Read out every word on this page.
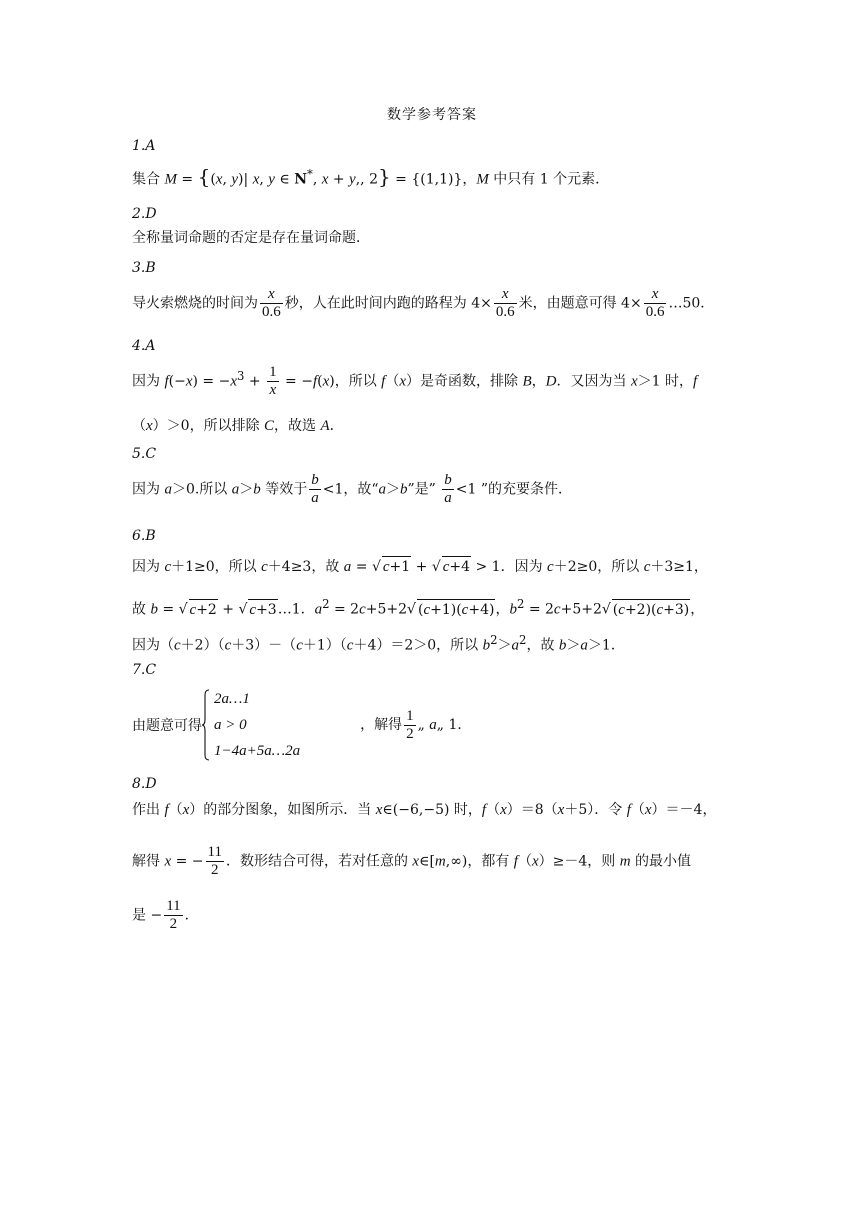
数学参考答案
1.A
集合 M = {(x, y)| x, y ∈ N*, x + y,, 2} = {(1,1)}，M 中只有 1 个元素．
2.D
全称量词命题的否定是存在量词命题．
3.B
导火索燃烧的时间为 $\frac{x}{0.6}$ 秒，人在此时间内跑的路程为 $4\times \frac{x}{0.6}$ 米，由题意可得 $4\times \frac{x}{0.6}$ …50．
4.A
因为 $f(-x) = -x^3 + \frac{1}{x} = -f(x)$，所以 f（x）是奇函数，排除 B，D．又因为当 x＞1 时，f
（x）＞0，所以排除 C，故选 A．
5.C
因为 a＞0.所以 a＞b 等效于 $\frac{b}{a} <1$，故“a＞b”是” $\frac{b}{a} <1$ ”的充要条件．
6.B
因为 c＋1≥0，所以 c＋4≥3，故 a = √ c+1 + √ c+4 > 1．因为 c＋2≥0，所以 c＋3≥1，
故 b = √ c+2 + √ c+3…1．$a^2 = 2c+5+2√$ (c+1)(c+4)，$b^2 = 2c+5+2√$ (c+2)(c+3)，
因为（c＋2）（c＋3）－（c＋1）（c＋4）＝2＞0，所以 $b^2>a^2$，故 b＞a＞1．
7.C
由题意可得2a…1
a > 0
1−4a+5a…2a，解得 $\frac{1}{2}$ „ a„ 1．
8.D
作出 f（x）的部分图象，如图所示．当 x∈(−6,−5) 时，f（x）＝8（x＋5）．令 f（x）＝－4，
解得 x = − $\frac{11}{2}$ ．数形结合可得，若对任意的 x∈[m,∞)，都有 f（x）≥－4，则 m 的最小值
是 − $\frac{11}{2}$ ．
